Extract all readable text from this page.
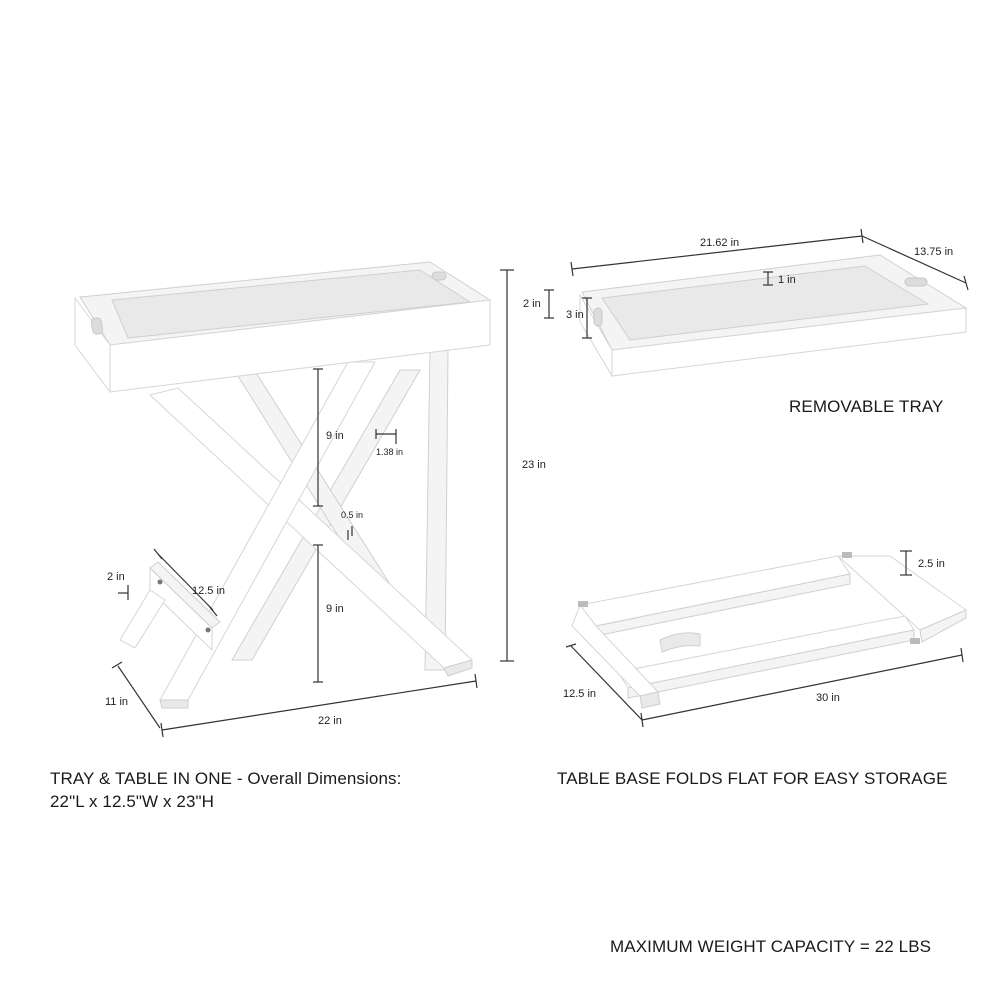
9 in
1.38 in
0.5 in
9 in
23 in
2 in
12.5 in
11 in
22 in
21.62 in
13.75 in
1 in
2 in
3 in
2.5 in
12.5 in	30 in
REMOVABLE TRAY
TRAY & TABLE IN ONE - Overall Dimensions:
22"L x 12.5"W x 23"H
TABLE BASE FOLDS FLAT FOR EASY STORAGE
MAXIMUM WEIGHT CAPACITY = 22 LBS
